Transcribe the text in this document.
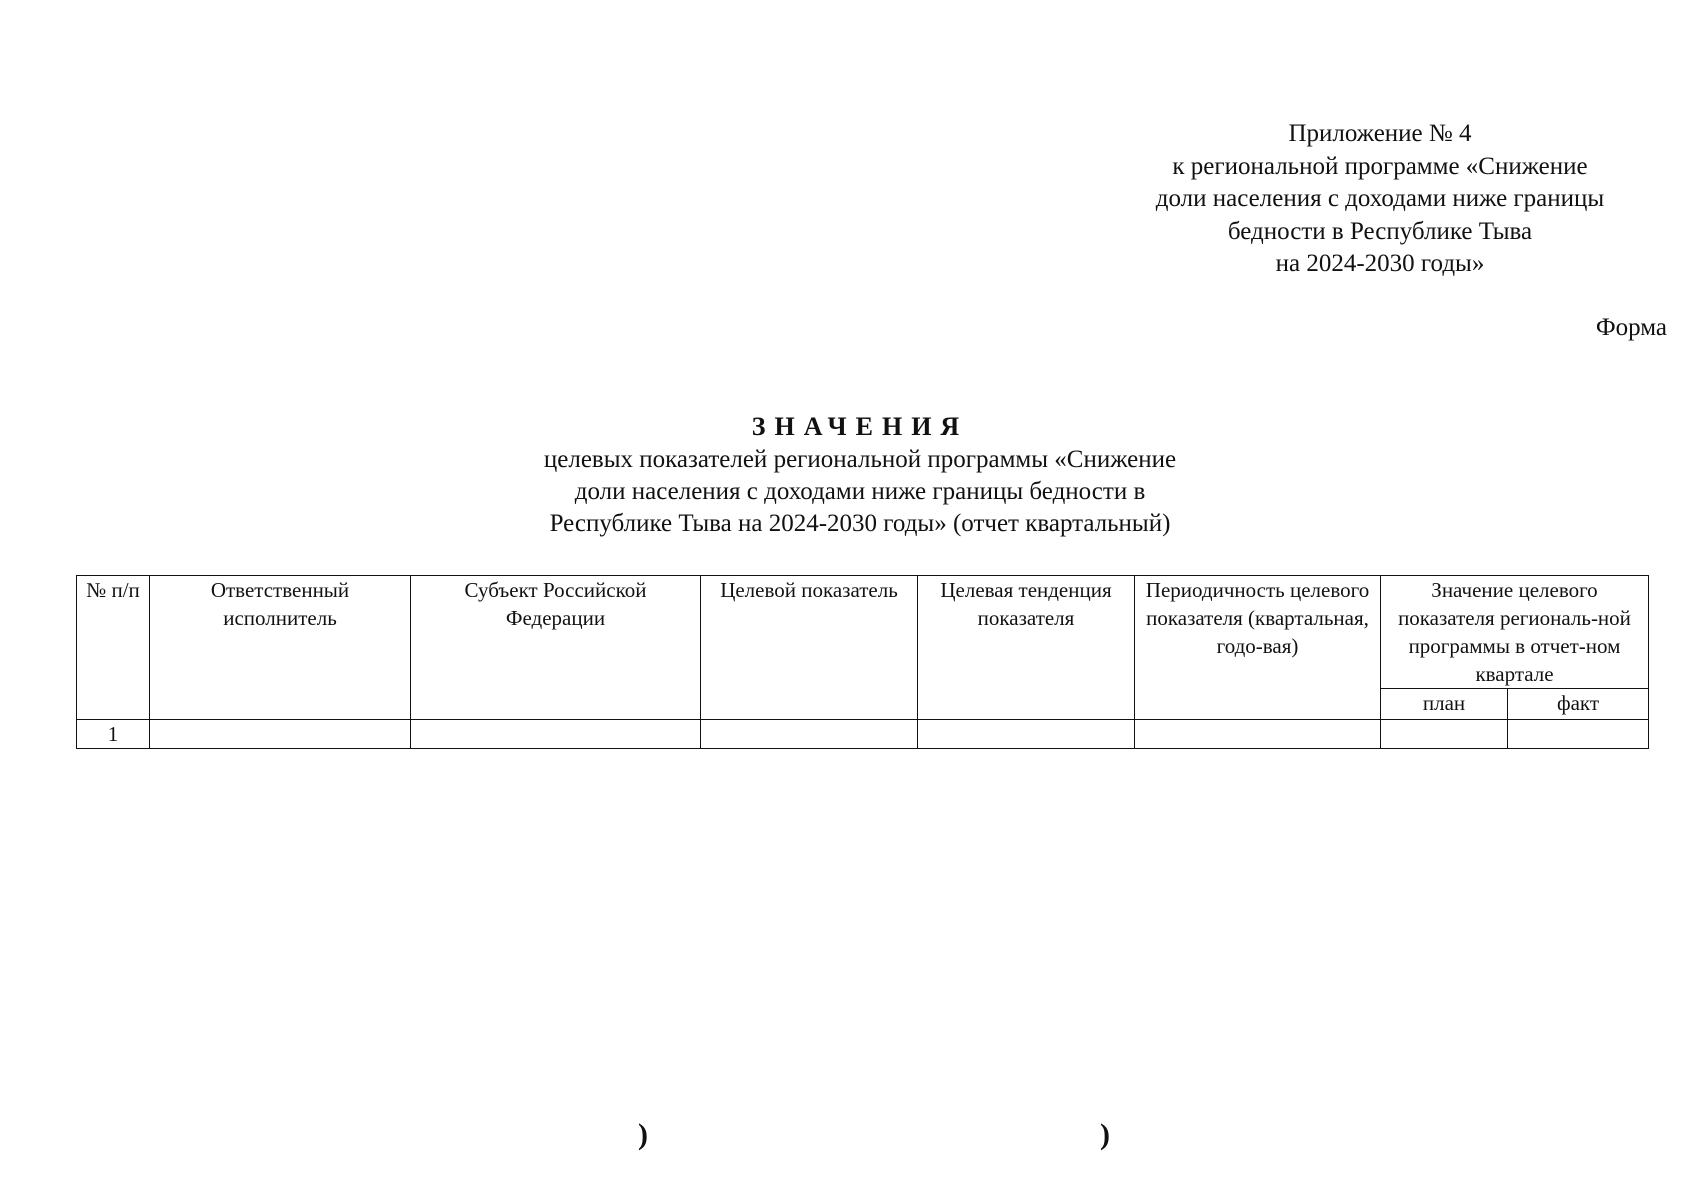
Приложение № 4
к региональной программе «Снижение
доли населения с доходами ниже границы
бедности в Республике Тыва
на 2024-2030 годы»
Форма
ЗНАЧЕНИЯ
целевых показателей региональной программы «Снижение
доли населения с доходами ниже границы бедности в
Республике Тыва на 2024-2030 годы» (отчет квартальный)
№ п/п	Ответственный исполнитель	Субъект Российской Федерации	Целевой показатель	Целевая тенденция показателя	Периодичность целевого показателя (квартальная, годо-вая)	Значение целевого показателя региональ-ной программы в отчет-ном квартале	
						план	факт
1							
)	)
